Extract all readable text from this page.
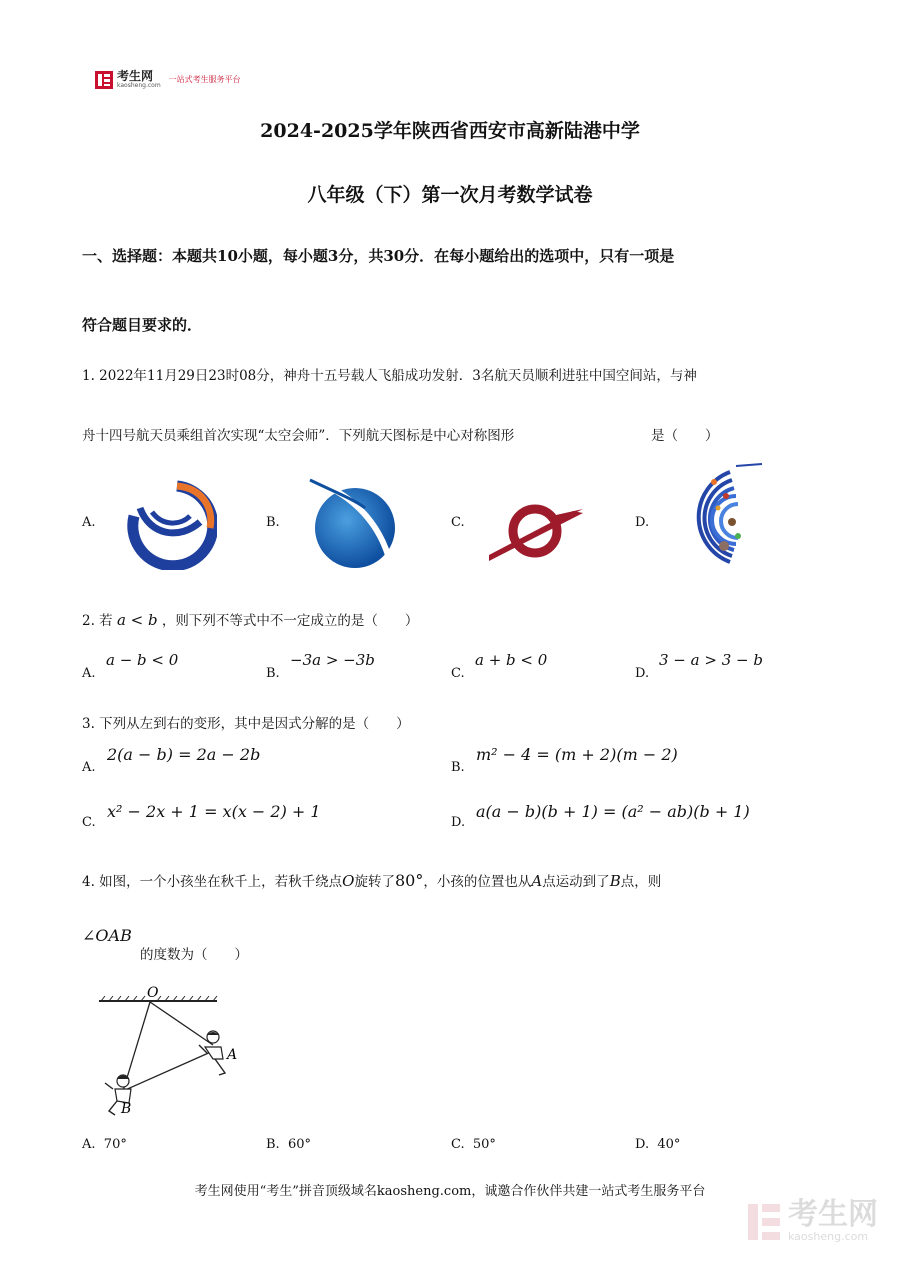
考生网
kaosheng.com
一站式考生服务平台
2024-2025学年陕西省西安市高新陆港中学
八年级（下）第一次月考数学试卷
一、选择题：本题共10小题，每小题3分，共30分．在每小题给出的选项中，只有一项是
符合题目要求的．
1. 2022年11月29日23时08分，神舟十五号载人飞船成功发射．3名航天员顺利进驻中国空间站，与神
舟十四号航天员乘组首次实现“太空会师”．下列航天图标是中心对称图形	是（　　）
A.	B.	C.	D.
2. 若 a < b ，则下列不等式中不一定成立的是（　　）
A.
a − b < 0
B.
−3a > −3b
C.
a + b < 0
D.
3 − a > 3 − b
3. 下列从左到右的变形，其中是因式分解的是（　　）
A.
2(a − b) = 2a − 2b
B.
m² − 4 = (m + 2)(m − 2)
C.
x² − 2x + 1 = x(x − 2) + 1
D.
a(a − b)(b + 1) = (a² − ab)(b + 1)
4. 如图，一个小孩坐在秋千上，若秋千绕点O旋转了80°，小孩的位置也从A点运动到了B点，则
∠OAB
的度数为（　　）
O
A
B
A. 70°	B. 60°	C. 50°	D. 40°
考生网使用“考生”拼音顶级域名kaosheng.com，诚邀合作伙伴共建一站式考生服务平台
考生网
kaosheng.com
